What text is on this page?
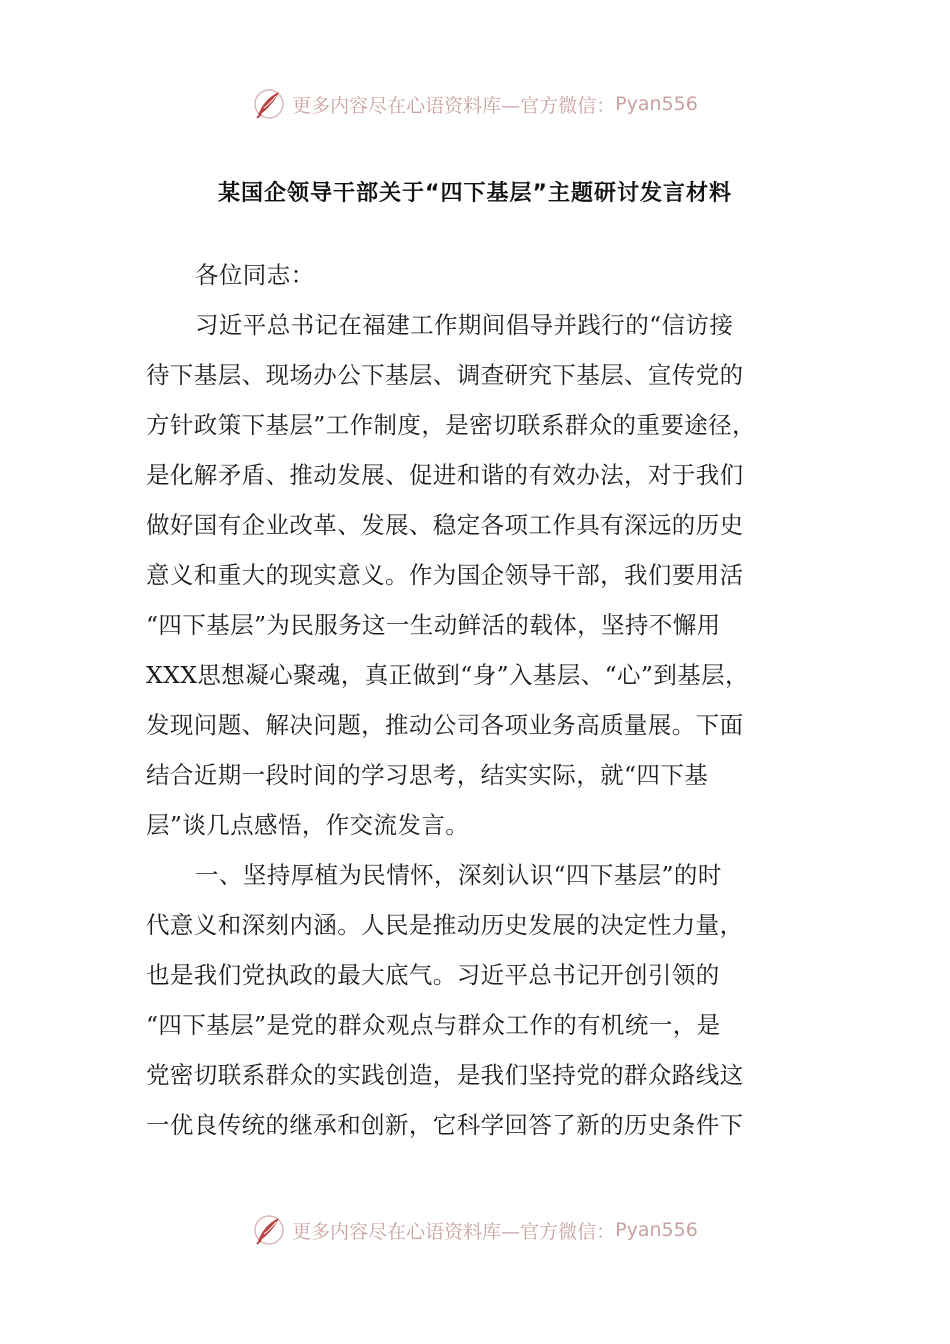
更多内容尽在心语资料库—官方微信： Pyan556
某国企领导干部关于“四下基层”主题研讨发言材料
各位同志：
习近平总书记在福建工作期间倡导并践行的“信访接
待下基层、现场办公下基层、调查研究下基层、宣传党的
方针政策下基层”工作制度，是密切联系群众的重要途径，
是化解矛盾、推动发展、促进和谐的有效办法，对于我们
做好国有企业改革、发展、稳定各项工作具有深远的历史
意义和重大的现实意义。作为国企领导干部，我们要用活
“四下基层”为民服务这一生动鲜活的载体，坚持不懈用
XXX思想凝心聚魂，真正做到“身”入基层、“心”到基层，
发现问题、解决问题，推动公司各项业务高质量展。下面
结合近期一段时间的学习思考，结实实际，就“四下基
层”谈几点感悟，作交流发言。
一、坚持厚植为民情怀，深刻认识“四下基层”的时
代意义和深刻内涵。人民是推动历史发展的决定性力量，
也是我们党执政的最大底气。习近平总书记开创引领的
“四下基层”是党的群众观点与群众工作的有机统一，是
党密切联系群众的实践创造，是我们坚持党的群众路线这
一优良传统的继承和创新，它科学回答了新的历史条件下
更多内容尽在心语资料库—官方微信： Pyan556
